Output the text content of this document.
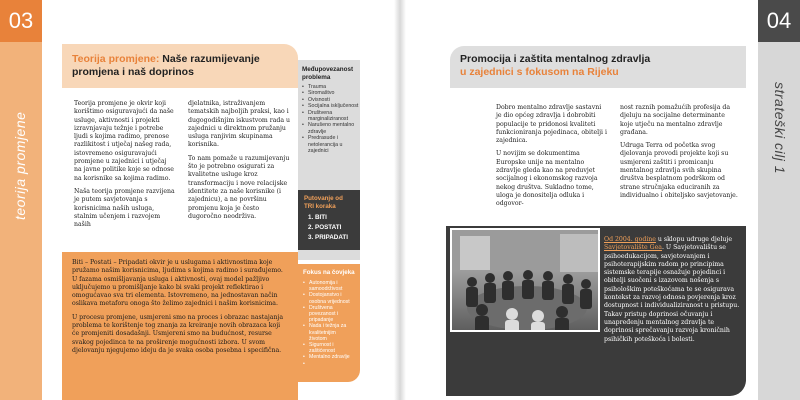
teorija promjene
03
Teorija promjene: Naše razumijevanje
promjena i naš doprinos

Teorija promjene je okvir koji korištimo osiguravajući da naše usluge, aktivnosti i projekti izravnjavaju težnje i potrebe ljudi s kojima radimo, prenose razlikitost i utječaj našeg rada, istovremeno osiguravajući promjene u zajednici i utječaj na javne politike koje se odnose na korisnike sa kojima radimo.

Naša teorija promjene razvijena je putem savjetovanja s korisnicima naših usluga, stalnim učenjem i razvojem naših

djelatnika, istraživanjem tematskih najboljih praksi, kao i dugogodišnjim iskustvom rada u zajednici u direktnom pružanju usluga ranjivim skupinama korisnika.

To nam pomaže u razumijevanju što je potrebno osigurati za kvalitetne usluge kroz transformaciju i nove relacijske identitete za naše korisnike (i zajednicu), a ne površinu promjenu koja je često dugoročno neodrživa.

Biti – Postati – Pripadati okvir je u uslugama i aktivnostima koje pružamo našim korisnicima, ljudima s kojima radimo i surađujemo. U fazama osmišljavanja usluga i aktivnosti, ovaj model pažljivo uključujemo u promišljanje kako bi svaki projekt reflektirao i omogućavao sva tri elementa. Istovremeno, na jednostavan način oslikava metaforu onoga što želimo zajednici i našim korisnicima.

U procesu promjene, usmjereni smo na proces i obrazac nastajanja problema te korištenje tog znanja za kreiranje novih obrazaca koji će promjeniti dosadašnji. Usmjereni smo na budućnost, resurse svakog pojedinca te na proširenje mogućnosti izbora. U svom djelovanju njegujemo ideju da je svaka osoba posebna i specifična.

Međupovezanost problema
• Trauma
• Siromaštvo
• Ovisnosti
• Socijalna isključenost
• Društvena marginaliziranost
• Narušeno mentalno zdravlje
• Predrasude i netolerancija u zajednici
Putovanje od TRI koraka
1. BITI
2. POSTATI
3. PRIPADATI
Fokus na čovjeka
• Autonomija i samoodrživost
• Dostojanstvo i osobna vrijednost
• Društvena povezanost i pripadanje
• Nada i težnja za kvalitetnijim životom
• Sigurnost i zaštićenost
• Mentalno zdravlje
strateški cilj 1
04
Promocija i zaštita mentalnog zdravlja
u zajednici s fokusom na Rijeku

Dobro mentalno zdravlje sastavni je dio općeg zdravlja i dobrobiti populacije te pridonosi kvaliteti funkcioniranja pojedinaca, obitelji i zajednica.

U novijim se dokumentima Europske unije na mentalno zdravlje gleda kao na preduvjet socijalnog i ekonomskog razvoja nekog društva. Sukladno tome, uloga je donositelja odluka i odgovor-

nost raznih pomažućih profesija da djeluju na socijalne determinante koje utječu na mentalno zdravlje građana.

Udruga Terra od početka svog djelovanja provodi projekte koji su usmjereni zaštiti i promicanju mentalnog zdravlja svih skupina društva besplatnom podrškom od strane stručnjaka educiranih za individualno i obiteljsko savjetovanje.

Od 2004. godine u sklopu udruge djeluje Savjetovalište Gea. U Savjetovalištu se psihoedukacijom, savjetovanjem i psihoterapijskim radom po principima sistemske terapije osnažuje pojedinci i obitelji suočeni s izazovom nošenja s psihološkim poteškoćama te se osigurava kontekst za razvoj odnosa povjerenja kroz dostupnost i individualiziranost u pristupu. Takav pristup doprinosi očuvanju i unapređenju mentalnog zdravlja te doprinosi sprečavanju razvoja kroničnih psihičkih poteškoća i bolesti.
